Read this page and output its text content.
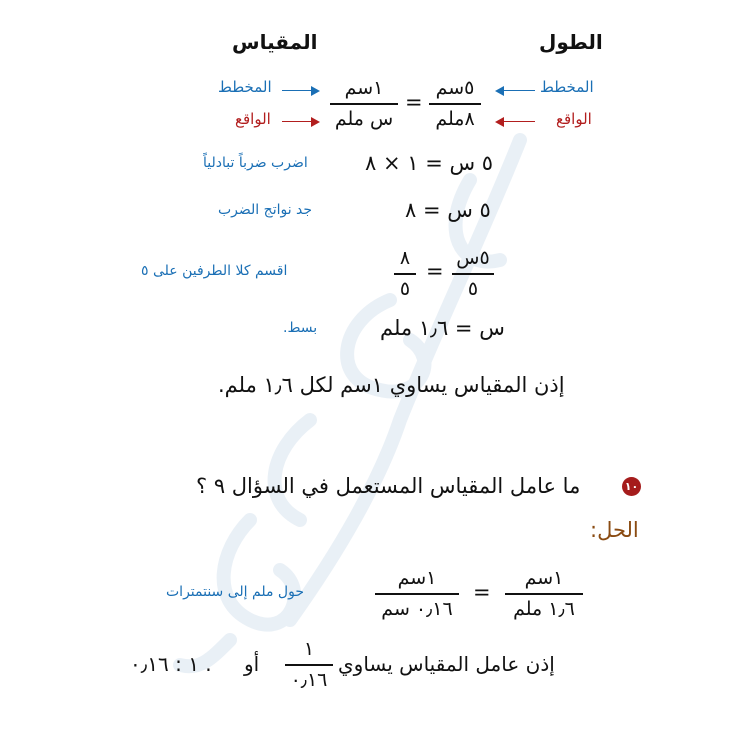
الطول
المقياس
المخطط
الواقع
المخطط
الواقع
٥سم
٨ملم
=
١سم
س ملم
٥ س = ١ × ٨
اضرب ضرباً تبادلياً
٥ س = ٨
جد نواتج الضرب
٥س
٥
=
٨
٥
اقسم كلا الطرفين على ٥
س = ١٫٦ ملم
بسط.
إذن المقياس يساوي ١سم لكل ١٫٦ ملم.
١٠
ما عامل المقياس المستعمل في السؤال ٩ ؟
الحل:
١سم
١٫٦ ملم
=
١سم
٠٫١٦ سم
حول ملم إلى سنتمترات
إذن عامل المقياس يساوي
١
٠٫١٦
أو
١ : ٠٫١٦ .
